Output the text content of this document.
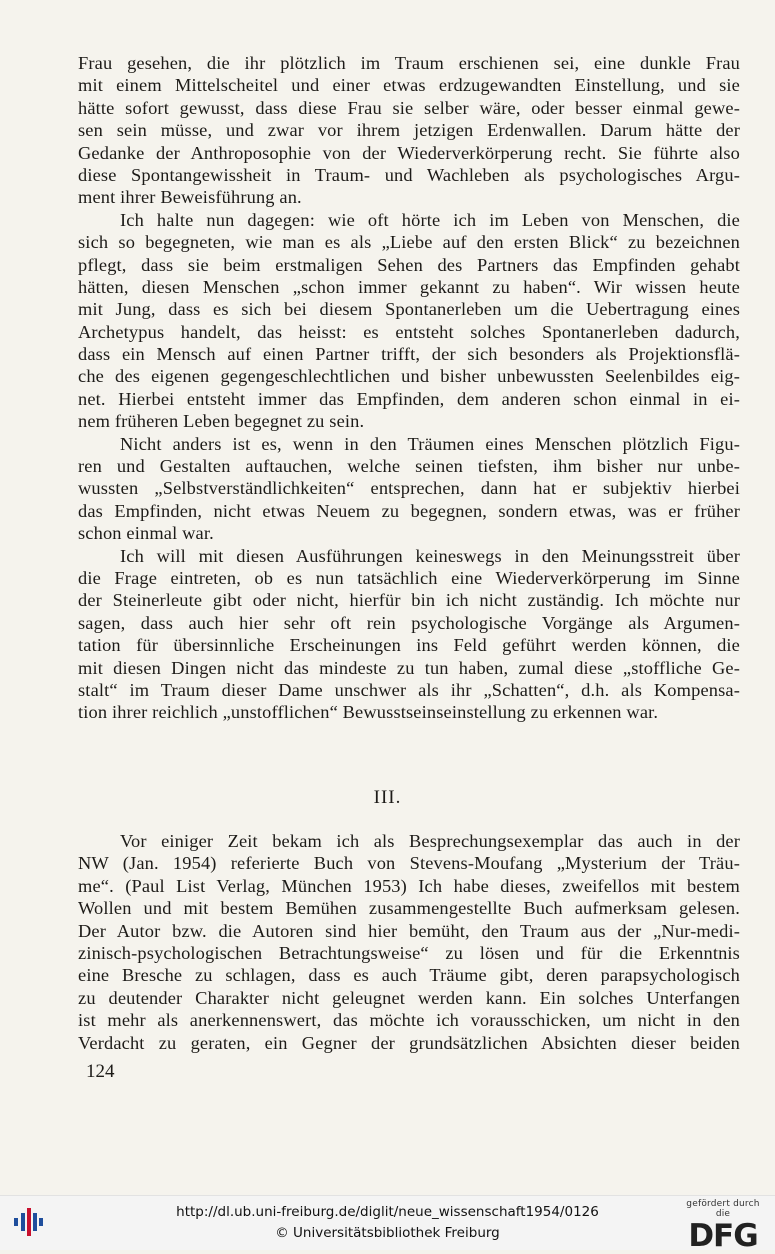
Frau gesehen, die ihr plötzlich im Traum erschienen sei, eine dunkle Frau
mit einem Mittelscheitel und einer etwas erdzugewandten Einstellung, und sie
hätte sofort gewusst, dass diese Frau sie selber wäre, oder besser einmal gewe-
sen sein müsse, und zwar vor ihrem jetzigen Erdenwallen. Darum hätte der
Gedanke der Anthroposophie von der Wiederverkörperung recht. Sie führte also
diese Spontangewissheit in Traum- und Wachleben als psychologisches Argu-
ment ihrer Beweisführung an.
Ich halte nun dagegen: wie oft hörte ich im Leben von Menschen, die
sich so begegneten, wie man es als „Liebe auf den ersten Blick“ zu bezeichnen
pflegt, dass sie beim erstmaligen Sehen des Partners das Empfinden gehabt
hätten, diesen Menschen „schon immer gekannt zu haben“. Wir wissen heute
mit Jung, dass es sich bei diesem Spontanerleben um die Uebertragung eines
Archetypus handelt, das heisst: es entsteht solches Spontanerleben dadurch,
dass ein Mensch auf einen Partner trifft, der sich besonders als Projektionsflä-
che des eigenen gegengeschlechtlichen und bisher unbewussten Seelenbildes eig-
net. Hierbei entsteht immer das Empfinden, dem anderen schon einmal in ei-
nem früheren Leben begegnet zu sein.
Nicht anders ist es, wenn in den Träumen eines Menschen plötzlich Figu-
ren und Gestalten auftauchen, welche seinen tiefsten, ihm bisher nur unbe-
wussten „Selbstverständlichkeiten“ entsprechen, dann hat er subjektiv hierbei
das Empfinden, nicht etwas Neuem zu begegnen, sondern etwas, was er früher
schon einmal war.
Ich will mit diesen Ausführungen keineswegs in den Meinungsstreit über
die Frage eintreten, ob es nun tatsächlich eine Wiederverkörperung im Sinne
der Steinerleute gibt oder nicht, hierfür bin ich nicht zuständig. Ich möchte nur
sagen, dass auch hier sehr oft rein psychologische Vorgänge als Argumen-
tation für übersinnliche Erscheinungen ins Feld geführt werden können, die
mit diesen Dingen nicht das mindeste zu tun haben, zumal diese „stoffliche Ge-
stalt“ im Traum dieser Dame unschwer als ihr „Schatten“, d.h. als Kompensa-
tion ihrer reichlich „unstofflichen“ Bewusstseinseinstellung zu erkennen war.
III.
Vor einiger Zeit bekam ich als Besprechungsexemplar das auch in der
NW (Jan. 1954) referierte Buch von Stevens-Moufang „Mysterium der Träu-
me“. (Paul List Verlag, München 1953) Ich habe dieses, zweifellos mit bestem
Wollen und mit bestem Bemühen zusammengestellte Buch aufmerksam gelesen.
Der Autor bzw. die Autoren sind hier bemüht, den Traum aus der „Nur-medi-
zinisch-psychologischen Betrachtungsweise“ zu lösen und für die Erkenntnis
eine Bresche zu schlagen, dass es auch Träume gibt, deren parapsychologisch
zu deutender Charakter nicht geleugnet werden kann. Ein solches Unterfangen
ist mehr als anerkennenswert, das möchte ich vorausschicken, um nicht in den
Verdacht zu geraten, ein Gegner der grundsätzlichen Absichten dieser beiden
124
http://dl.ub.uni-freiburg.de/diglit/neue_wissenschaft1954/0126
© Universitätsbibliothek Freiburg
gefördert durch die
DFG
